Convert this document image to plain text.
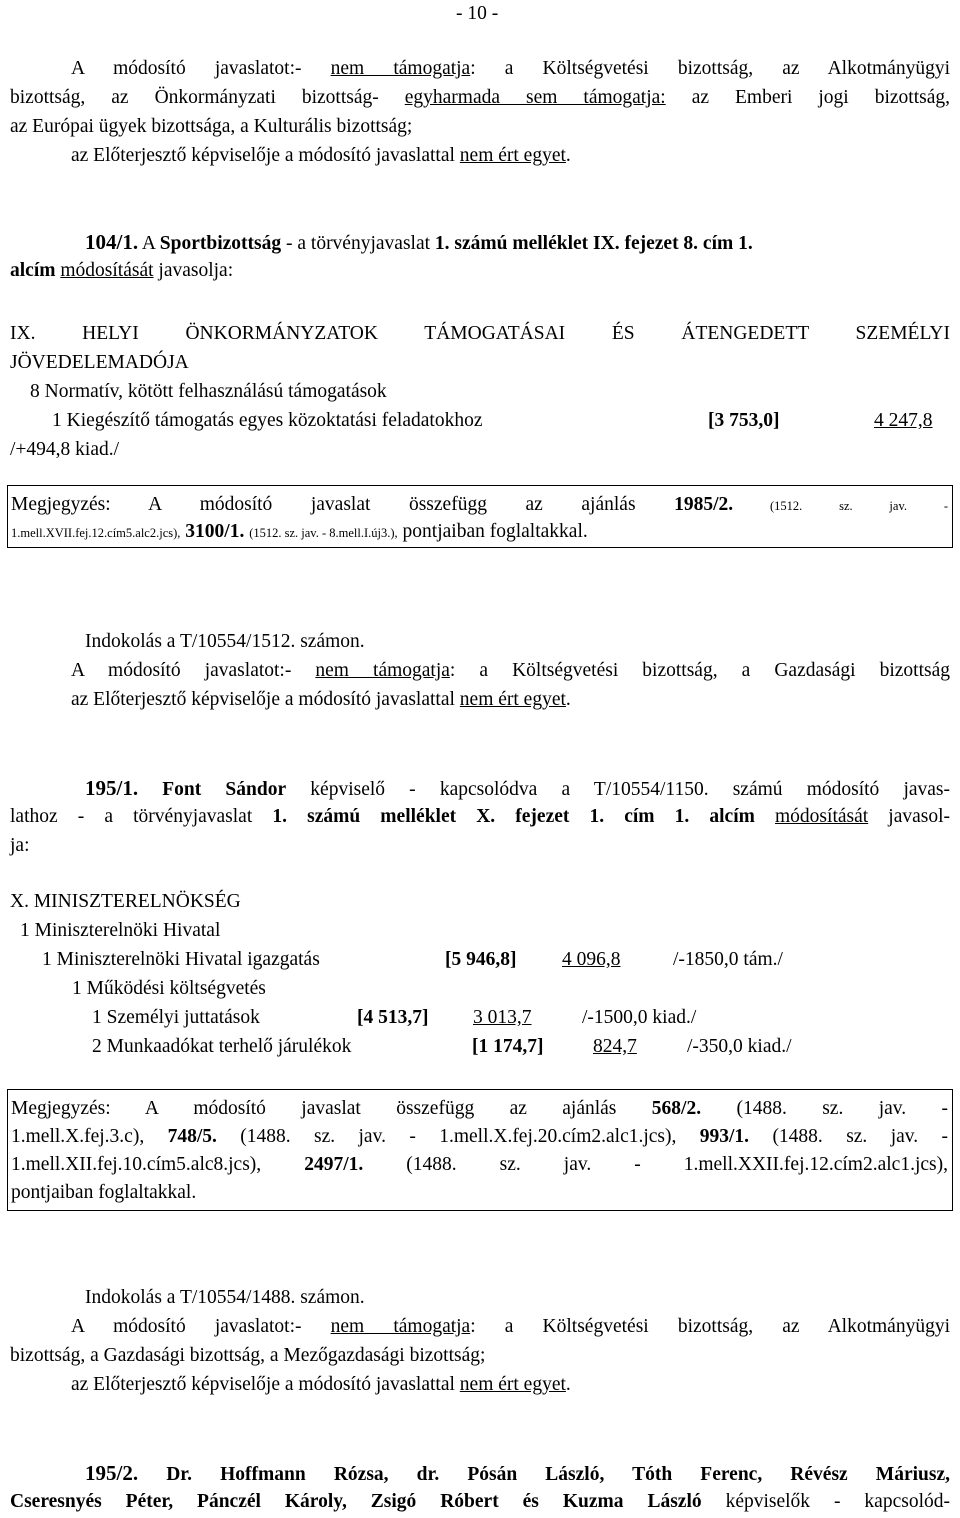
- 10 -
A módosító javaslatot:- nem támogatja: a Költségvetési bizottság, az Alkotmányügyi
bizottság, az Önkormányzati bizottság- egyharmada sem támogatja: az Emberi jogi bizottság,
az Európai ügyek bizottsága, a Kulturális bizottság;
az Előterjesztő képviselője a módosító javaslattal nem ért egyet.
104/1. A Sportbizottság - a törvényjavaslat 1. számú melléklet IX. fejezet 8. cím 1.
alcím módosítását javasolja:
IX. HELYI ÖNKORMÁNYZATOK TÁMOGATÁSAI ÉS ÁTENGEDETT SZEMÉLYI
JÖVEDELEMADÓJA
8 Normatív, kötött felhasználású támogatások
1 Kiegészítő támogatás egyes közoktatási feladatokhoz	[3 753,0]	4 247,8
/+494,8 kiad./
Megjegyzés: A módosító javaslat összefügg az ajánlás 1985/2. (1512. sz. jav. -
1.mell.XVII.fej.12.cím5.alc2.jcs), 3100/1. (1512. sz. jav. - 8.mell.I.új3.), pontjaiban foglaltakkal.
Indokolás a T/10554/1512. számon.
A módosító javaslatot:- nem támogatja: a Költségvetési bizottság, a Gazdasági bizottság
az Előterjesztő képviselője a módosító javaslattal nem ért egyet.
195/1. Font Sándor képviselő - kapcsolódva a T/10554/1150. számú módosító javas-
lathoz - a törvényjavaslat 1. számú melléklet X. fejezet 1. cím 1. alcím módosítását javasol-
ja:
X. MINISZTERELNÖKSÉG
1 Miniszterelnöki Hivatal
1 Miniszterelnöki Hivatal igazgatás	[5 946,8] 4 096,8	/-1850,0 tám./
1 Működési költségvetés
1 Személyi juttatások	[4 513,7] 3 013,7	/-1500,0 kiad./
2 Munkaadókat terhelő járulékok	[1 174,7]	824,7	/-350,0 kiad./
Megjegyzés: A módosító javaslat összefügg az ajánlás 568/2. (1488. sz. jav. -
1.mell.X.fej.3.c), 748/5. (1488. sz. jav. - 1.mell.X.fej.20.cím2.alc1.jcs), 993/1. (1488. sz. jav. -
1.mell.XII.fej.10.cím5.alc8.jcs), 2497/1. (1488. sz. jav. - 1.mell.XXII.fej.12.cím2.alc1.jcs),
pontjaiban foglaltakkal.
Indokolás a T/10554/1488. számon.
A módosító javaslatot:- nem támogatja: a Költségvetési bizottság, az Alkotmányügyi
bizottság, a Gazdasági bizottság, a Mezőgazdasági bizottság;
az Előterjesztő képviselője a módosító javaslattal nem ért egyet.
195/2. Dr. Hoffmann Rózsa, dr. Pósán László, Tóth Ferenc, Révész Máriusz,
Cseresnyés Péter, Pánczél Károly, Zsigó Róbert és Kuzma László képviselők - kapcsolód-
